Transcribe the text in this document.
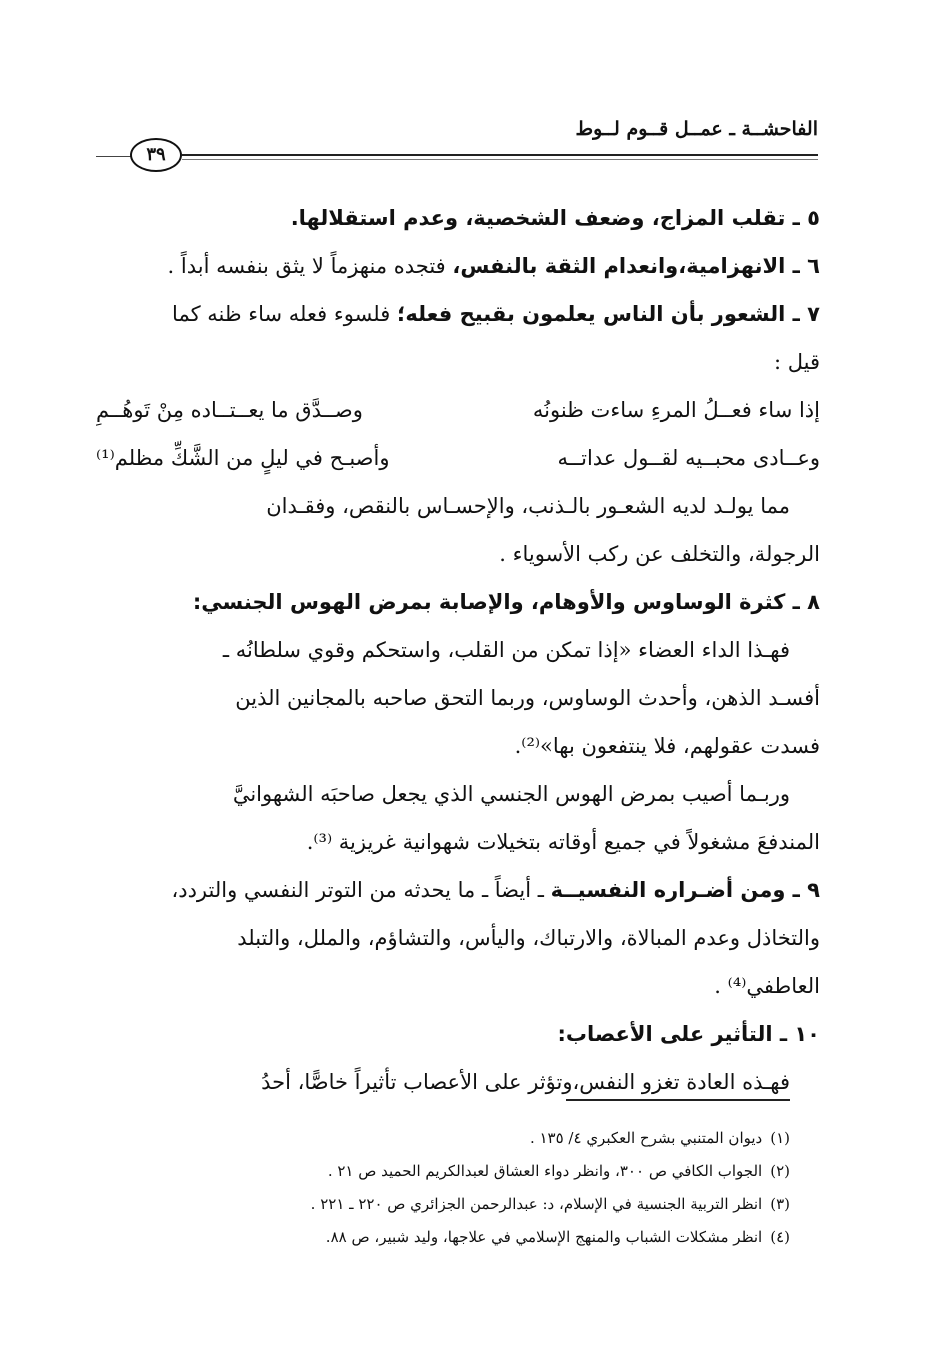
الفاحشــة ـ عمــل قــوم لــوط
٣٩
٥ ـ تقلب المزاج، وضعف الشخصية، وعدم استقلالها.
٦ ـ الانهزامية،وانعدام الثقة بالنفس، فتجده منهزماً لا يثق بنفسه أبداً .
٧ ـ الشعور بأن الناس يعلمون بقبيح فعله؛ فلسوء فعله ساء ظنه كما
قيل :
إذا ساء فعــلُ المرءِ ساءت ظنونُه
وصــدَّق ما يعــتــاده مِنْ تَوهُــمِ
وعــادى محبــيه لقــول عداتــه
وأصبـح في ليلٍ من الشَّكِّ مظلم⁽¹⁾
مما يولـد لديه الشعـور بالـذنب، والإحسـاس بالنقص، وفقـدان
الرجولة، والتخلف عن ركب الأسوياء .
٨ ـ كثرة الوساوس والأوهام، والإصابة بمرض الهوس الجنسي:
فهـذا الداء العضاء «إذا تمكن من القلب، واستحكم وقوي سلطانُه ـ
أفسـد الذهن، وأحدث الوساوس، وربما التحق صاحبه بالمجانين الذين
فسدت عقولهم، فلا ينتفعون بها»⁽²⁾.
وربـما أصيب بمرض الهوس الجنسي الذي يجعل صاحبَه الشهوانيَّ
المندفعَ مشغولاً في جميع أوقاته بتخيلات شهوانية غريزية ⁽³⁾.
٩ ـ ومن أضـراره النفسيــة ـ أيضاً ـ ما يحدثه من التوتر النفسي والتردد،
والتخاذل وعدم المبالاة، والارتباك، واليأس، والتشاؤم، والملل، والتبلد
العاطفي⁽⁴⁾ .
١٠ ـ التأثير على الأعصاب:
فهـذه العادة تغزو النفس،وتؤثر على الأعصاب تأثيراً خاصًّا، أحدُ
(١)ديوان المتنبي بشرح العكبري ٤/ ١٣٥ .
(٢)الجواب الكافي ص ٣٠٠، وانظر دواء العشاق لعبدالكريم الحميد ص ٢١ .
(٣)انظر التربية الجنسية في الإسلام، د: عبدالرحمن الجزائري ص ٢٢٠ ـ ٢٢١ .
(٤)انظر مشكلات الشباب والمنهج الإسلامي في علاجها، وليد شبير، ص ٨٨.
